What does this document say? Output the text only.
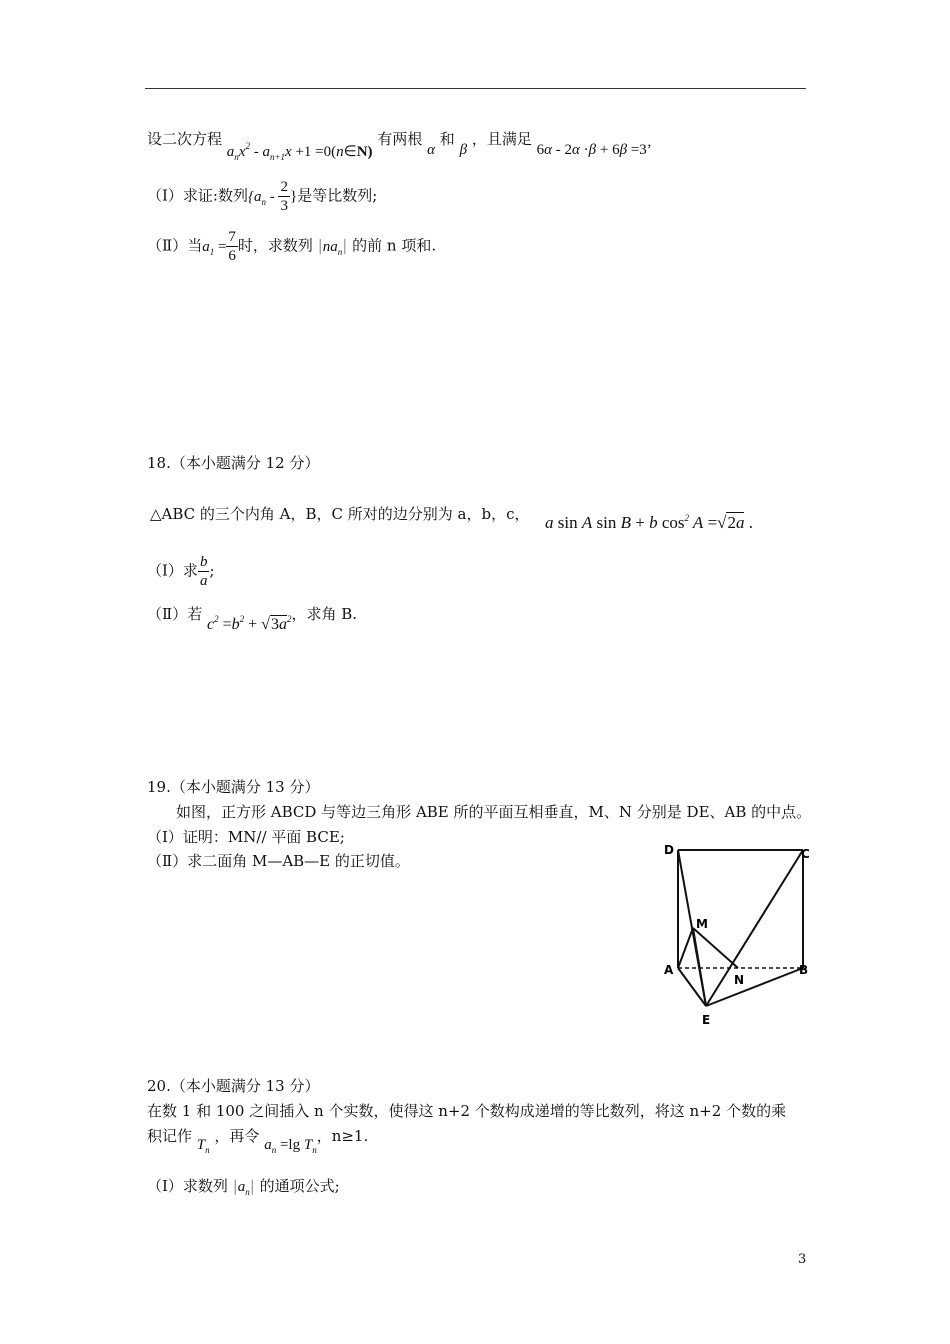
设二次方程 $a_nx^2 - a_{n+1}x +1$ =0(n∈N) 有两根 α 和 β ，且满足 6α - 2α ·β + 6β =3’
（Ⅰ）求证:数列{$a_n - \frac{2}{3}$ }是等比数列;
（Ⅱ）当$a_1 = \frac{7}{6}$ 时，求数列 $|na_n|$ 的前 n 项和.
18.（本小题满分 12 分）
△ABC 的三个内角 A，B，C 所对的边分别为 a，b，c， a sin A sin B + b $\cos^2 A =√2a$ .
（Ⅰ）求 $\frac{b}{a}$ ;
（Ⅱ）若 $c^2 =b^2 + √3a^2$，求角 B.
19.（本小题满分 13 分）
如图，正方形 ABCD 与等边三角形 ABE 所的平面互相垂直，M、N 分别是 DE、AB 的中点。
（Ⅰ）证明：MN// 平面 BCE;
（Ⅱ）求二面角 M—AB—E 的正切值。
D	C
M
A
N
B
E
20.（本小题满分 13 分）
在数 1 和 100 之间插入 n 个实数，使得这 n+2 个数构成递增的等比数列，将这 n+2 个数的乘
积记作 $T_n$ ，再令 $a_n =\lg$ $T_n$，n≥1.
（Ⅰ）求数列 $|a_n|$ 的通项公式;
3
